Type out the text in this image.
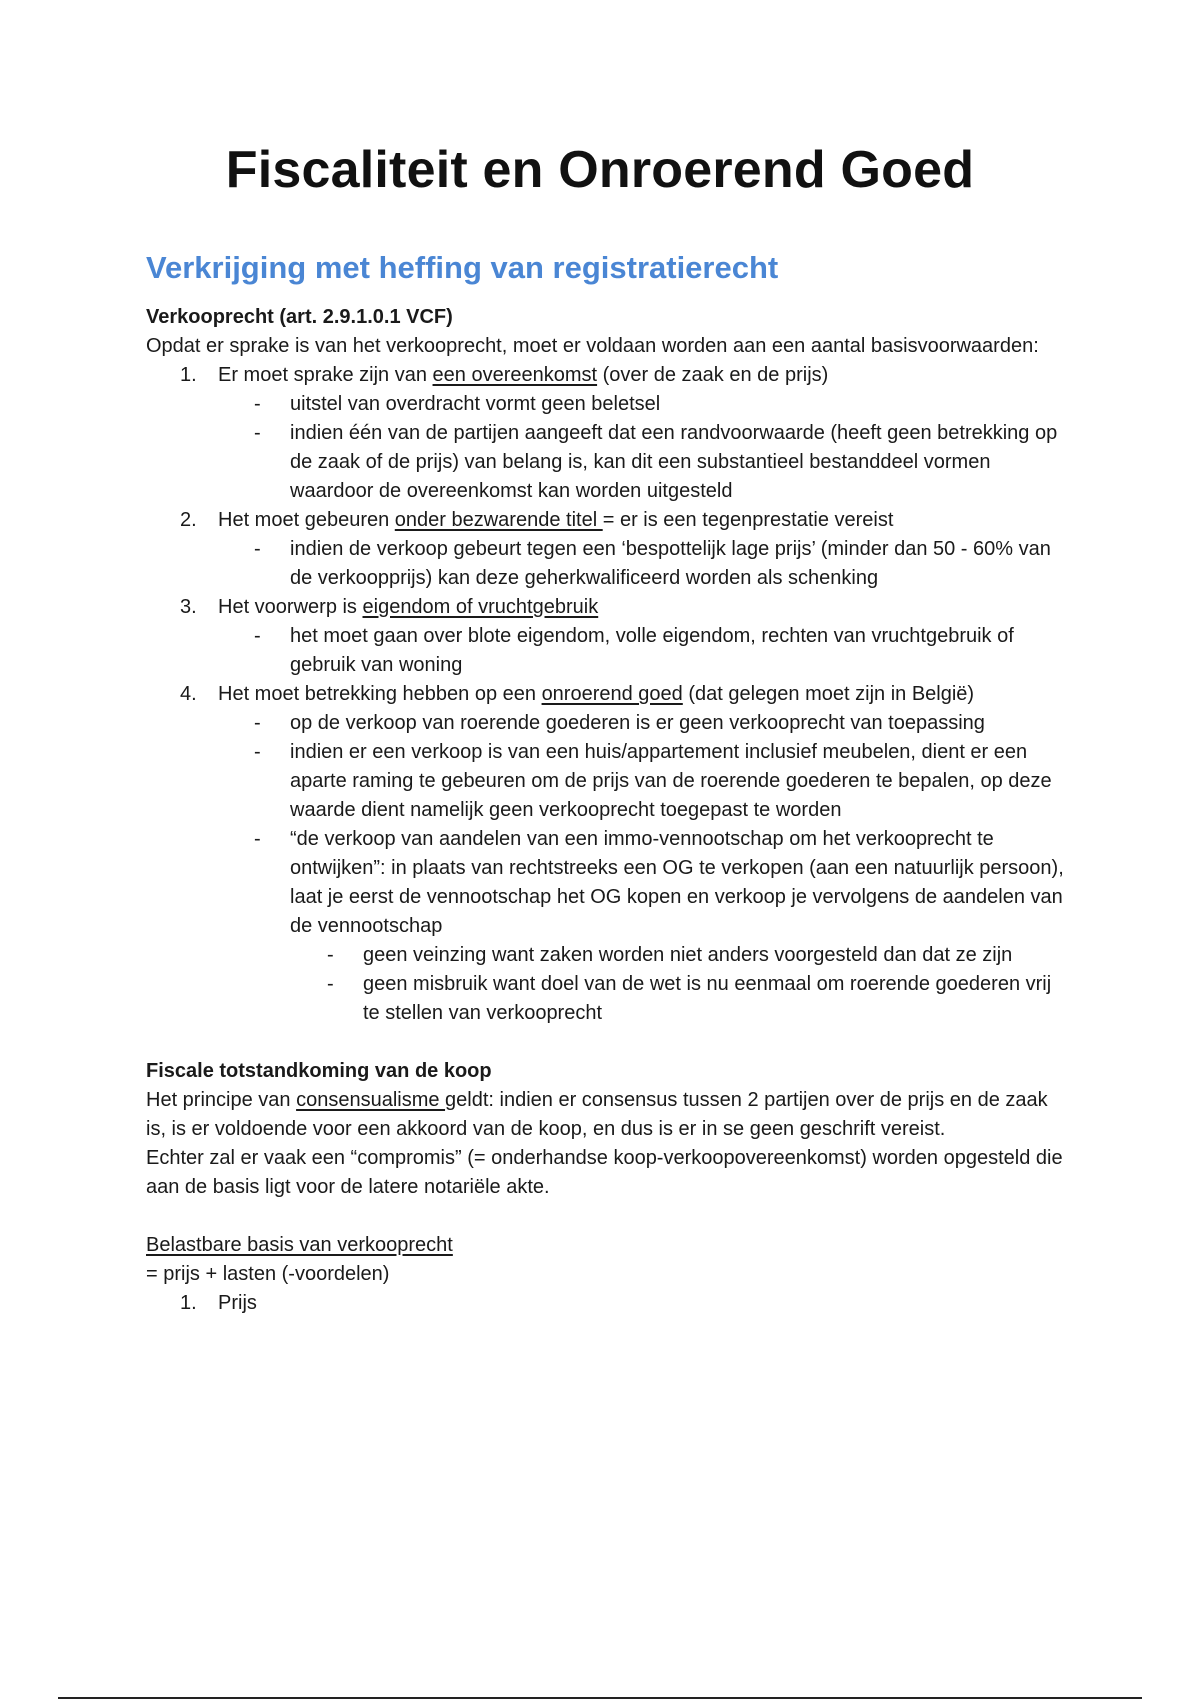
Fiscaliteit en Onroerend Goed
Verkrijging met heffing van registratierecht

Verkooprecht (art. 2.9.1.0.1 VCF)

Opdat er sprake is van het verkooprecht, moet er voldaan worden aan een aantal basisvoorwaarden:

1. Er moet sprake zijn van een overeenkomst (over de zaak en de prijs)
- uitstel van overdracht vormt geen beletsel
- indien één van de partijen aangeeft dat een randvoorwaarde (heeft geen betrekking op de zaak of de prijs) van belang is, kan dit een substantieel bestanddeel vormen waardoor de overeenkomst kan worden uitgesteld
2. Het moet gebeuren onder bezwarende titel = er is een tegenprestatie vereist
- indien de verkoop gebeurt tegen een ‘bespottelijk lage prijs’ (minder dan 50 - 60% van de verkoopprijs) kan deze geherkwalificeerd worden als schenking
3. Het voorwerp is eigendom of vruchtgebruik
- het moet gaan over blote eigendom, volle eigendom, rechten van vruchtgebruik of gebruik van woning
4. Het moet betrekking hebben op een onroerend goed (dat gelegen moet zijn in België)
- op de verkoop van roerende goederen is er geen verkooprecht van toepassing
- indien er een verkoop is van een huis/appartement inclusief meubelen, dient er een aparte raming te gebeuren om de prijs van de roerende goederen te bepalen, op deze waarde dient namelijk geen verkooprecht toegepast te worden
- “de verkoop van aandelen van een immo-vennootschap om het verkooprecht te ontwijken”: in plaats van rechtstreeks een OG te verkopen (aan een natuurlijk persoon), laat je eerst de vennootschap het OG kopen en verkoop je vervolgens de aandelen van de vennootschap
- geen veinzing want zaken worden niet anders voorgesteld dan dat ze zijn
- geen misbruik want doel van de wet is nu eenmaal om roerende goederen vrij te stellen van verkooprecht

Fiscale totstandkoming van de koop

Het principe van consensualisme geldt: indien er consensus tussen 2 partijen over de prijs en de zaak is, is er voldoende voor een akkoord van de koop, en dus is er in se geen geschrift vereist.

Echter zal er vaak een “compromis” (= onderhandse koop-verkoopovereenkomst) worden opgesteld die aan de basis ligt voor de latere notariële akte.

Belastbare basis van verkooprecht

= prijs + lasten (-voordelen)

1. Prijs
